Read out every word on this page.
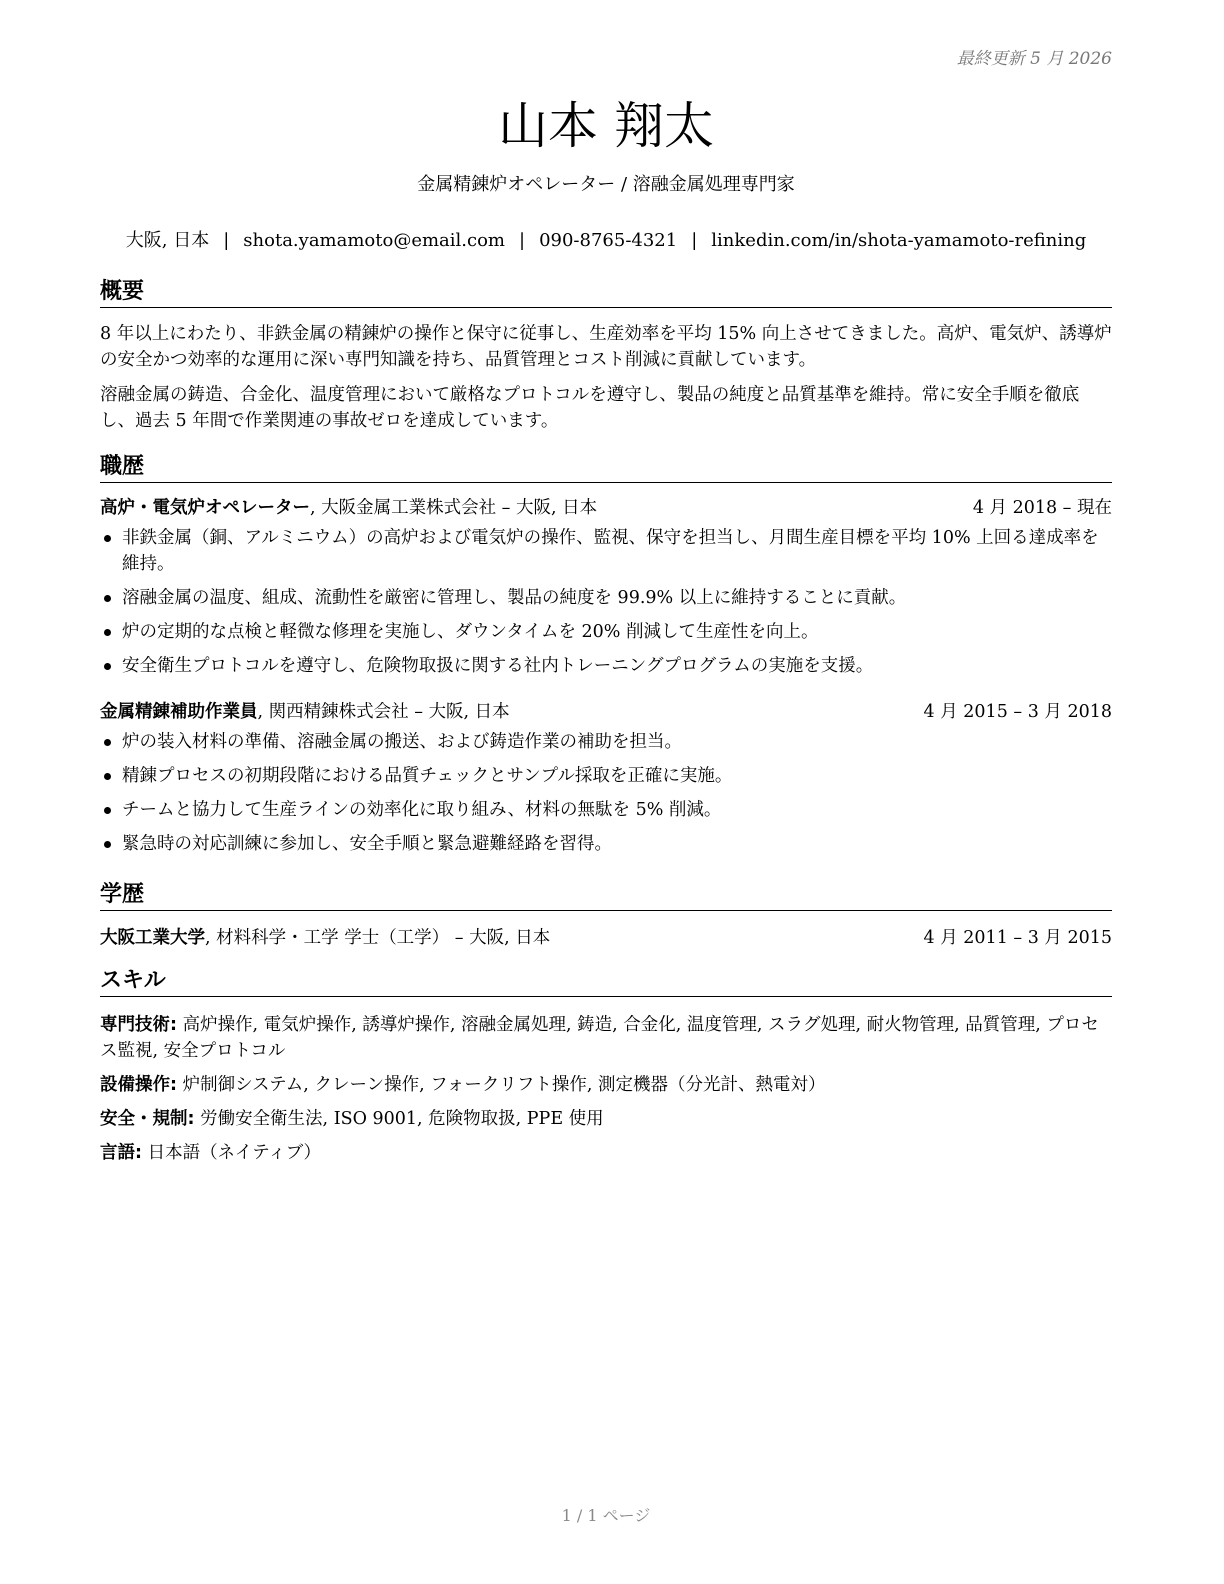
最終更新 5 月 2026
山本 翔太
金属精錬炉オペレーター / 溶融金属処理専門家
大阪, 日本 | shota.yamamoto@email.com | 090-8765-4321 | linkedin.com/in/shota-yamamoto-refining
概要

8 年以上にわたり、非鉄金属の精錬炉の操作と保守に従事し、生産効率を平均 15% 向上させてきました。高炉、電気炉、誘導炉の安全かつ効率的な運用に深い専門知識を持ち、品質管理とコスト削減に貢献しています。

溶融金属の鋳造、合金化、温度管理において厳格なプロトコルを遵守し、製品の純度と品質基準を維持。常に安全手順を徹底し、過去 5 年間で作業関連の事故ゼロを達成しています。

職歴
高炉・電気炉オペレーター, 大阪金属工業株式会社 – 大阪, 日本	4 月 2018 – 現在
非鉄金属（銅、アルミニウム）の高炉および電気炉の操作、監視、保守を担当し、月間生産目標を平均 10% 上回る達成率を維持。
溶融金属の温度、組成、流動性を厳密に管理し、製品の純度を 99.9% 以上に維持することに貢献。
炉の定期的な点検と軽微な修理を実施し、ダウンタイムを 20% 削減して生産性を向上。
安全衛生プロトコルを遵守し、危険物取扱に関する社内トレーニングプログラムの実施を支援。
金属精錬補助作業員, 関西精錬株式会社 – 大阪, 日本	4 月 2015 – 3 月 2018
炉の装入材料の準備、溶融金属の搬送、および鋳造作業の補助を担当。
精錬プロセスの初期段階における品質チェックとサンプル採取を正確に実施。
チームと協力して生産ラインの効率化に取り組み、材料の無駄を 5% 削減。
緊急時の対応訓練に参加し、安全手順と緊急避難経路を習得。
学歴
大阪工業大学, 材料科学・工学 学士（工学） – 大阪, 日本	4 月 2011 – 3 月 2015
スキル
専門技術: 高炉操作, 電気炉操作, 誘導炉操作, 溶融金属処理, 鋳造, 合金化, 温度管理, スラグ処理, 耐火物管理, 品質管理, プロセス監視, 安全プロトコル
設備操作: 炉制御システム, クレーン操作, フォークリフト操作, 測定機器（分光計、熱電対）
安全・規制: 労働安全衛生法, ISO 9001, 危険物取扱, PPE 使用
言語: 日本語（ネイティブ）
1 / 1 ページ
